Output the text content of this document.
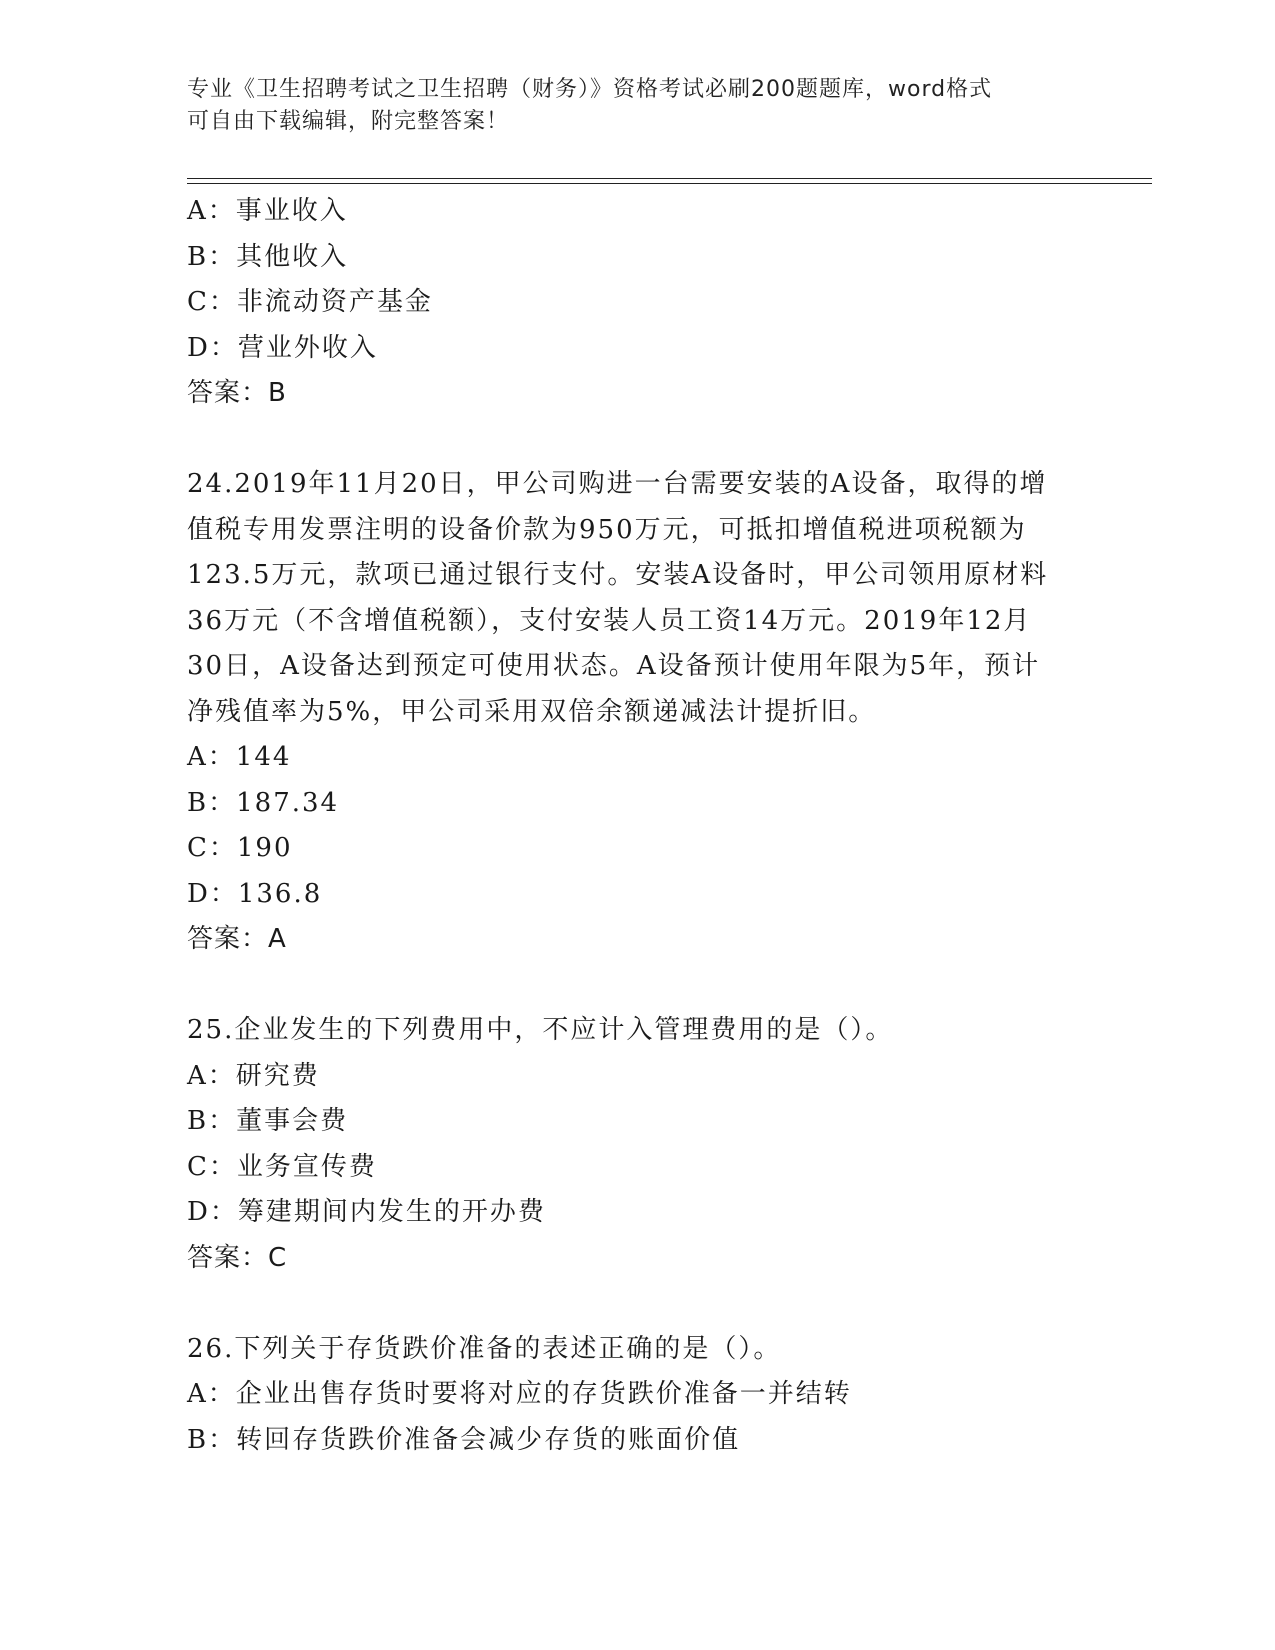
专业《卫生招聘考试之卫生招聘（财务）》资格考试必刷200题题库，word格式
可自由下载编辑，附完整答案！
A：事业收入
B：其他收入
C：非流动资产基金
D：营业外收入
答案：B
24.2019年11月20日，甲公司购进一台需要安装的A设备，取得的增
值税专用发票注明的设备价款为950万元，可抵扣增值税进项税额为
123.5万元，款项已通过银行支付。安装A设备时，甲公司领用原材料
36万元（不含增值税额），支付安装人员工资14万元。2019年12月
30日，A设备达到预定可使用状态。A设备预计使用年限为5年，预计
净残值率为5%，甲公司采用双倍余额递减法计提折旧。
A：144
B：187.34
C：190
D：136.8
答案：A
25.企业发生的下列费用中，不应计入管理费用的是（）。
A：研究费
B：董事会费
C：业务宣传费
D：筹建期间内发生的开办费
答案：C
26.下列关于存货跌价准备的表述正确的是（）。
A：企业出售存货时要将对应的存货跌价准备一并结转
B：转回存货跌价准备会减少存货的账面价值
